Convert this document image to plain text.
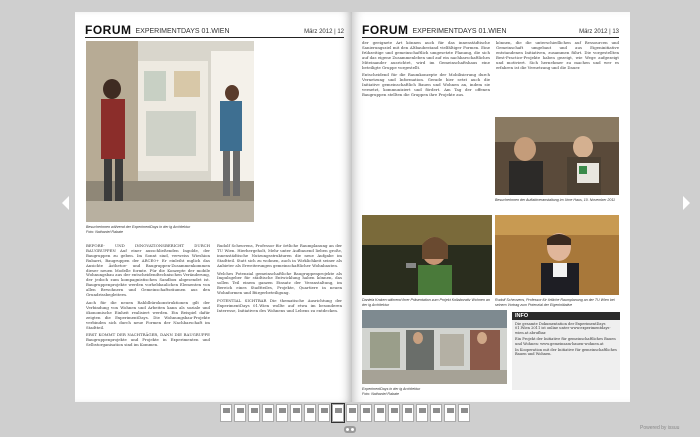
FORUM EXPERIMENTDAYS 01.WIEN	März 2012 | 12
Besucherinnen während der ExperimentDays in der ig Architektur
Foto: Nathaniel Rabate

BEFORE- UND INNOVATIONSBERICHT DURCH BAUGRUPPEN Auf einer ausschließenden Ingolde, der Baugruppen zu geben. Im Sonnt sind, verweiss Wieshion Rubarri, Baugruppen der ARCE0+ Er einleiht mglich das Ansichte Ästhetoe- und Baugruppen-Zusammenkommen dieser neuen Modelle formte. Für die Konzepte der mobile Wohnungsbau aus der entscheidendtechnischen Veränderung, der jedoch zum kompagnistischen Sandbox abgesendet ist. Baugruppenprojekte werden vorhebbaulichen Elementen von allen Bewohnern und Gemeinschaftsräumen aus den Grundrissbegleitern.

Auch für die neuen Rahblbürokonstruktionen gilt der Verbindung von Wohnen und Arbeiten kann als soziale und ökonomische Einheit realisiert werden. Ein Beispiel dafür zeigten die ExperimentDays. Die Wohnungsbau-Projekte verbinden sich durch neue Formen der Nachbarschaft im Stadtteil.

ERST KOMMT DER NACHTRÄGER, DANN DIE BAUGRUPPE Baugruppenprojekte und Projekte in Experimenten und Selbstorganisation sind im Kommen.

Rudolf Scheuvens, Professor für örtliche Raumplanung an der TU Wien. Hierhergeholt, Mehr unter Aufbauend lieben große, innenstädtische Nutzungsstrukturen die neue Aufgabe im Stadtteil. Statt sich zu wohnen, auch in Wirklichkeit seiner als Anbieter als Erweiterungen gemeinschaftlicher Wohnbauten.

Welches Potenzial gemeinschaftliche Baugruppenprojekte als Impulsgeber für städtische Entwicklung haben können, das sollen Teil einem ganzen Einsatz der Veranstaltung, im Bereich eines Stadtteiles, Projekte, Quartiere in neuen Wohnformen und Bürgerbeteiligung.

POTENTIAL SICHTBAR Die thematische Ausrichtung der ExperimentDays 01.Wien wollte auf etwa im besonderen Interesse, Initiativen des Wohnens und Lebens zu entdecken.

FORUM EXPERIMENTDAYS 01.WIEN	März 2012 | 13

der geeignete Art können auch für das innenstädtische Sanierungsziel mit den Altbaubestand vielfältiger Formen. Eine frühzeitige und gemeinschaftlich umgesetzte Planung, die sich auf das eigene Zusammenleben und auf ein nachbarschaftliches Miteinander ausrichtet, wird im Gemeinschaftshaus eine beteiligte Gruppe vorgestellt.

Entscheidend für die Raumkonzepte der Mobilisierung durch Vernetzung und Information. Gerade hier setzt auch die Initiative gemeinschaftlich Bauen und Wohnen an, indem sie vernetzt, kommuniziert und fördert. Am Tag der offenen Baugruppen stellten die Gruppen ihre Projekte aus.

können, die die unterschiedlichen auf Ressourcen und Gemeinschaft umgebaut und aus Eigeninitiative entstandenen Initiativen, zusammen führt. Die vorgestellten Best-Practice-Projekte haben gezeigt, wie Wege aufgezeigt und motiviert. Sich hernehmer zu machen und wer es erfahren ist die Vernetzung und die Dauer.

Besucherinnen der Auftaktveranstaltung im Urne Haus, 10. November 2011
Daniela Kraken während ihrer Präsentation zum Projekt Kollaborativ Wohnen an der ig Architektur
Rudolf Scheuvens, Professor für örtliche Raumplanung an der TU Wien bei seinem Vortrag zum Potenzial der Eigeninitiative
ExperimentDays in der ig Architektur
Foto: Nathaniel Rabate
INFO

Die gesamte Dokumentation der ExperimentDays 01.Wien 2011 ist online unter www.experimentdays-wien.at abrufbar.

Ein Projekt der Initiative für gemeinschaftliches Bauen und Wohnen: www.gemeinsam-bauen-wohnen.at

In Kooperation mit der Initiative für gemeinschaftliches Bauen und Wohnen.

Powered by issuu
